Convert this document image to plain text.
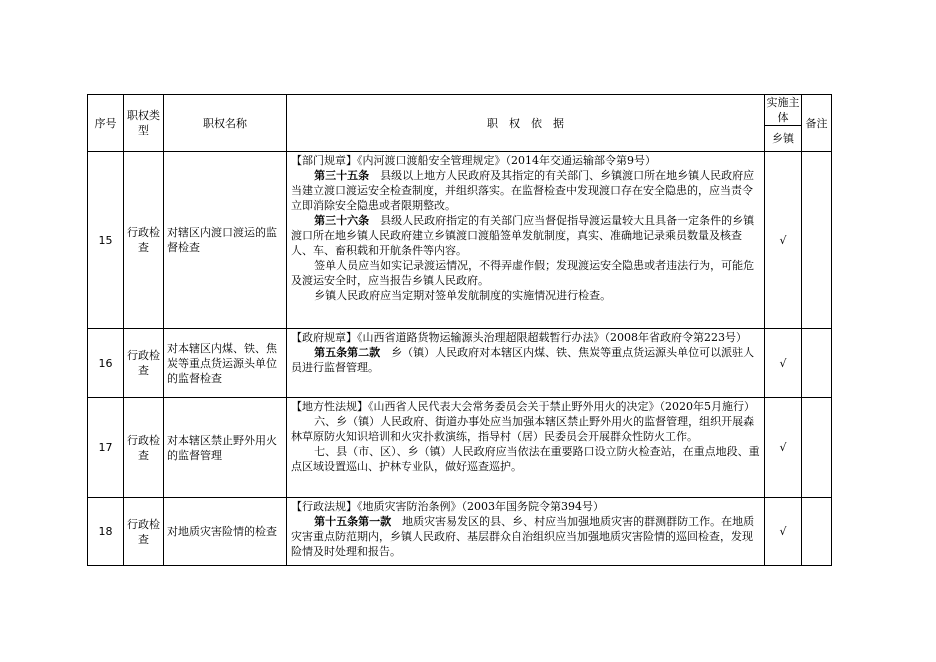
序号	职权类型	职权名称	职　权　依　据	实施主体	备注
				乡镇	
15	行政检查	对辖区内渡口渡运的监督检查	【部门规章】《内河渡口渡船安全管理规定》（2014年交通运输部令第9号）

第三十五条　县级以上地方人民政府及其指定的有关部门、乡镇渡口所在地乡镇人民政府应当建立渡口渡运安全检查制度，并组织落实。在监督检查中发现渡口存在安全隐患的，应当责令立即消除安全隐患或者限期整改。

第三十六条　县级人民政府指定的有关部门应当督促指导渡运量较大且具备一定条件的乡镇渡口所在地乡镇人民政府建立乡镇渡口渡船签单发航制度，真实、准确地记录乘员数量及核查人、车、畜积载和开航条件等内容。

签单人员应当如实记录渡运情况，不得弄虚作假；发现渡运安全隐患或者违法行为，可能危及渡运安全时，应当报告乡镇人民政府。

乡镇人民政府应当定期对签单发航制度的实施情况进行检查。	√	
16	行政检查	对本辖区内煤、铁、焦炭等重点货运源头单位的监督检查	【政府规章】《山西省道路货物运输源头治理超限超载暂行办法》（2008年省政府令第223号）

第五条第二款　乡（镇）人民政府对本辖区内煤、铁、焦炭等重点货运源头单位可以派驻人员进行监督管理。	√	
17	行政检查	对本辖区禁止野外用火的监督管理	【地方性法规】《山西省人民代表大会常务委员会关于禁止野外用火的决定》（2020年5月施行）

六、乡（镇）人民政府、街道办事处应当加强本辖区禁止野外用火的监督管理，组织开展森林草原防火知识培训和火灾扑救演练，指导村（居）民委员会开展群众性防火工作。

七、县（市、区）、乡（镇）人民政府应当依法在重要路口设立防火检查站，在重点地段、重点区域设置巡山、护林专业队，做好巡查巡护。	√	
18	行政检查	对地质灾害险情的检查	【行政法规】《地质灾害防治条例》（2003年国务院令第394号）

第十五条第一款　地质灾害易发区的县、乡、村应当加强地质灾害的群测群防工作。在地质灾害重点防范期内，乡镇人民政府、基层群众自治组织应当加强地质灾害险情的巡回检查，发现险情及时处理和报告。	√	
